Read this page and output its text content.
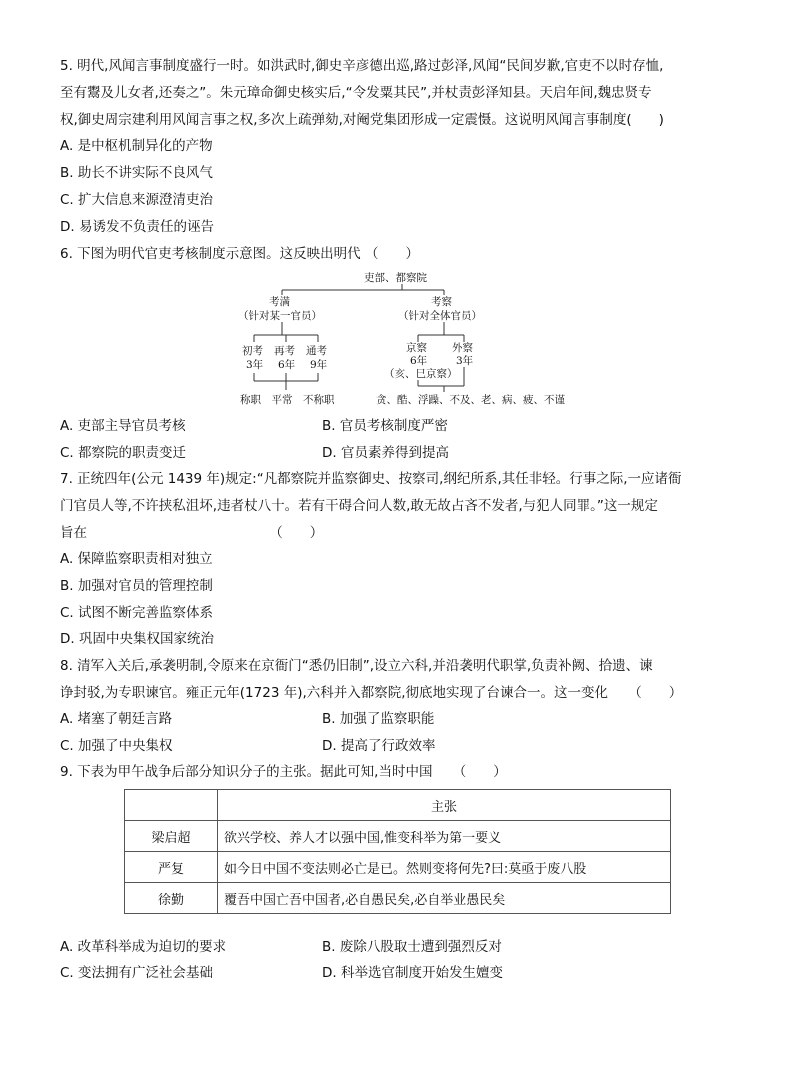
5. 明代,风闻言事制度盛行一时。如洪武时,御史辛彦德出巡,路过彭泽,风闻“民间岁歉,官吏不以时存恤,
至有鬻及儿女者,还奏之”。朱元璋命御史核实后,“令发粟其民”,并杖责彭泽知县。天启年间,魏忠贤专
权,御史周宗建利用风闻言事之权,多次上疏弹劾,对阉党集团形成一定震慑。这说明风闻言事制度(　　)
A. 是中枢机制异化的产物
B. 助长不讲实际不良风气
C. 扩大信息来源澄清吏治
D. 易诱发不负责任的诬告
6. 下图为明代官吏考核制度示意图。这反映出明代 （　　）
吏部、都察院
考满
（针对某一官员）
考察
（针对全体官员）
初考
3年
再考
6年
通考
9年
京察
6年
外察
3年
（亥、巳京察）
称职　平常　不称职	贪、酷、浮躁、不及、老、病、疲、不谨
A. 吏部主导官员考核	B. 官员考核制度严密
C. 都察院的职责变迁	D. 官员素养得到提高
7. 正统四年(公元 1439 年)规定:“凡都察院并监察御史、按察司,纲纪所系,其任非轻。行事之际,一应诸衙
门官员人等,不许挟私沮坏,违者杖八十。若有干碍合问人数,敢无故占吝不发者,与犯人同罪。”这一规定
旨在　　　　　　　　　　　　　　（　　）
A. 保障监察职责相对独立
B. 加强对官员的管理控制
C. 试图不断完善监察体系
D. 巩固中央集权国家统治
8. 清军入关后,承袭明制,令原来在京衙门“悉仍旧制”,设立六科,并沿袭明代职掌,负责补阙、拾遗、谏
诤封驳,为专职谏官。雍正元年(1723 年),六科并入都察院,彻底地实现了台谏合一。这一变化　　（　　）
A. 堵塞了朝廷言路	B. 加强了监察职能
C. 加强了中央集权	D. 提高了行政效率
9. 下表为甲午战争后部分知识分子的主张。据此可知,当时中国　　（　　）
	主张
梁启超	欲兴学校、养人才以强中国,惟变科举为第一要义
严复	如今日中国不变法则必亡是已。然则变将何先?曰:莫亟于废八股
徐勤	覆吾中国亡吾中国者,必自愚民矣,必自举业愚民矣
A. 改革科举成为迫切的要求	B. 废除八股取士遭到强烈反对
C. 变法拥有广泛社会基础	D. 科举选官制度开始发生嬗变
